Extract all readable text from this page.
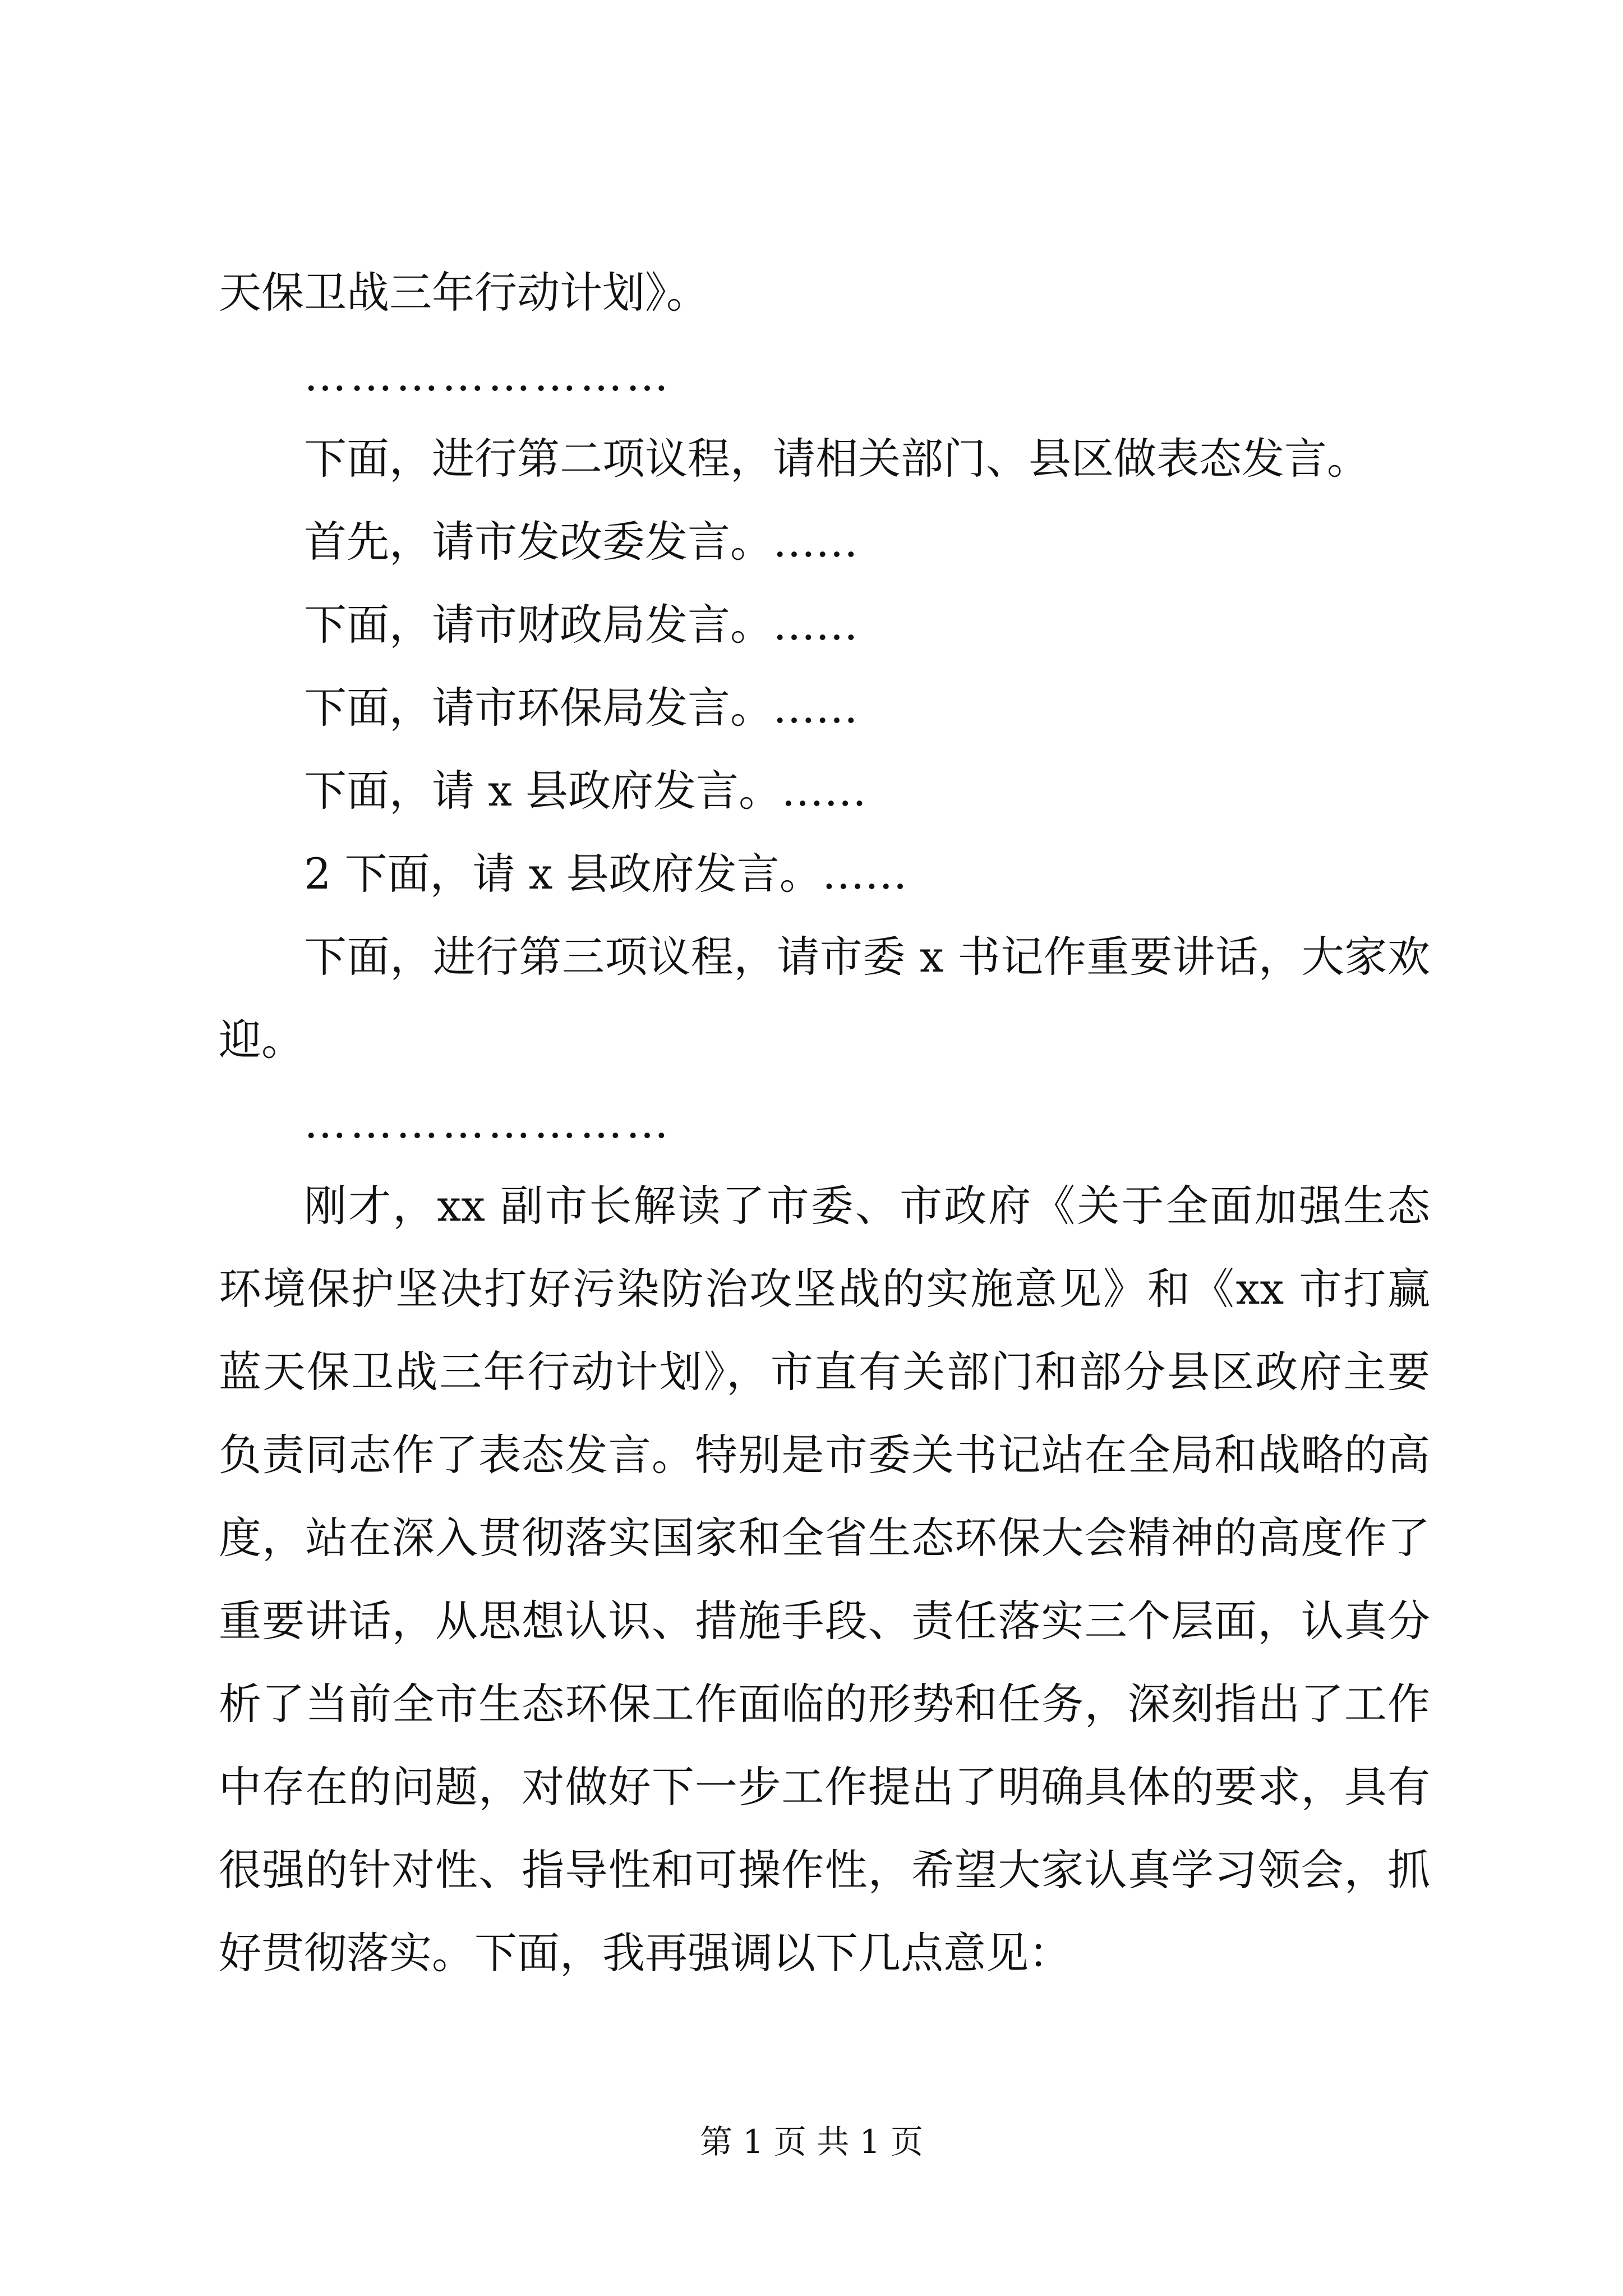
天保卫战三年行动计划》。
……………………
下面，进行第二项议程，请相关部门、县区做表态发言。
首先，请市发改委发言。……
下面，请市财政局发言。……
下面，请市环保局发言。……
下面，请 x 县政府发言。……
2 下面，请 x 县政府发言。……
下面，进行第三项议程，请市委 x 书记作重要讲话，大家欢
迎。
……………………
刚才，xx 副市长解读了市委、市政府《关于全面加强生态
环境保护坚决打好污染防治攻坚战的实施意见》和《xx 市打赢
蓝天保卫战三年行动计划》，市直有关部门和部分县区政府主要
负责同志作了表态发言。特别是市委关书记站在全局和战略的高
度，站在深入贯彻落实国家和全省生态环保大会精神的高度作了
重要讲话，从思想认识、措施手段、责任落实三个层面，认真分
析了当前全市生态环保工作面临的形势和任务，深刻指出了工作
中存在的问题，对做好下一步工作提出了明确具体的要求，具有
很强的针对性、指导性和可操作性，希望大家认真学习领会，抓
好贯彻落实。下面，我再强调以下几点意见：
第 1 页 共 1 页
